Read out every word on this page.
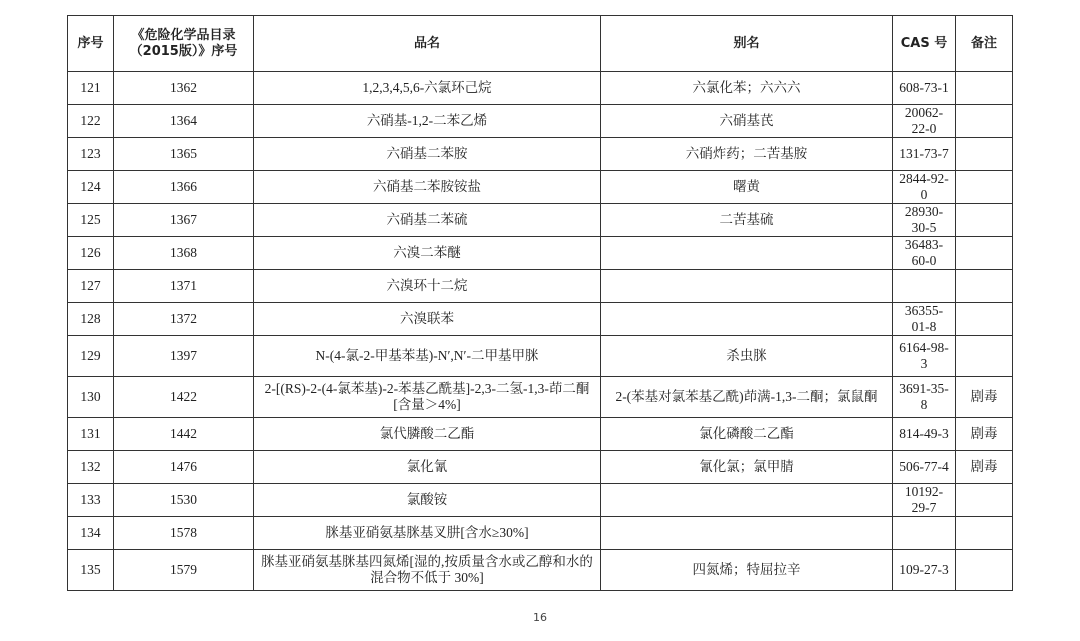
序号	《危险化学品目录（2015版）》序号	品名	别名	CAS 号	备注
121	1362	1,2,3,4,5,6-六氯环己烷	六氯化苯；六六六	608-73-1	
122	1364	六硝基-1,2-二苯乙烯	六硝基芪	20062-22-0	
123	1365	六硝基二苯胺	六硝炸药；二苦基胺	131-73-7	
124	1366	六硝基二苯胺铵盐	曙黄	2844-92-0	
125	1367	六硝基二苯硫	二苦基硫	28930-30-5	
126	1368	六溴二苯醚		36483-60-0	
127	1371	六溴环十二烷			
128	1372	六溴联苯		36355-01-8	
129	1397	N-(4-氯-2-甲基苯基)-N′,N′-二甲基甲脒	杀虫脒	6164-98-3	
130	1422	2-[(RS)-2-(4-氯苯基)-2-苯基乙酰基]-2,3-二氢-1,3-茚二酮[含量＞4%]	2-(苯基对氯苯基乙酰)茚满-1,3-二酮；氯鼠酮	3691-35-8	剧毒
131	1442	氯代膦酸二乙酯	氯化磷酸二乙酯	814-49-3	剧毒
132	1476	氯化氰	氰化氯；氯甲腈	506-77-4	剧毒
133	1530	氯酸铵		10192-29-7	
134	1578	脒基亚硝氨基脒基叉肼[含水≥30%]			
135	1579	脒基亚硝氨基脒基四氮烯[湿的,按质量含水或乙醇和水的混合物不低于 30%]	四氮烯；特屈拉辛	109-27-3	
16
